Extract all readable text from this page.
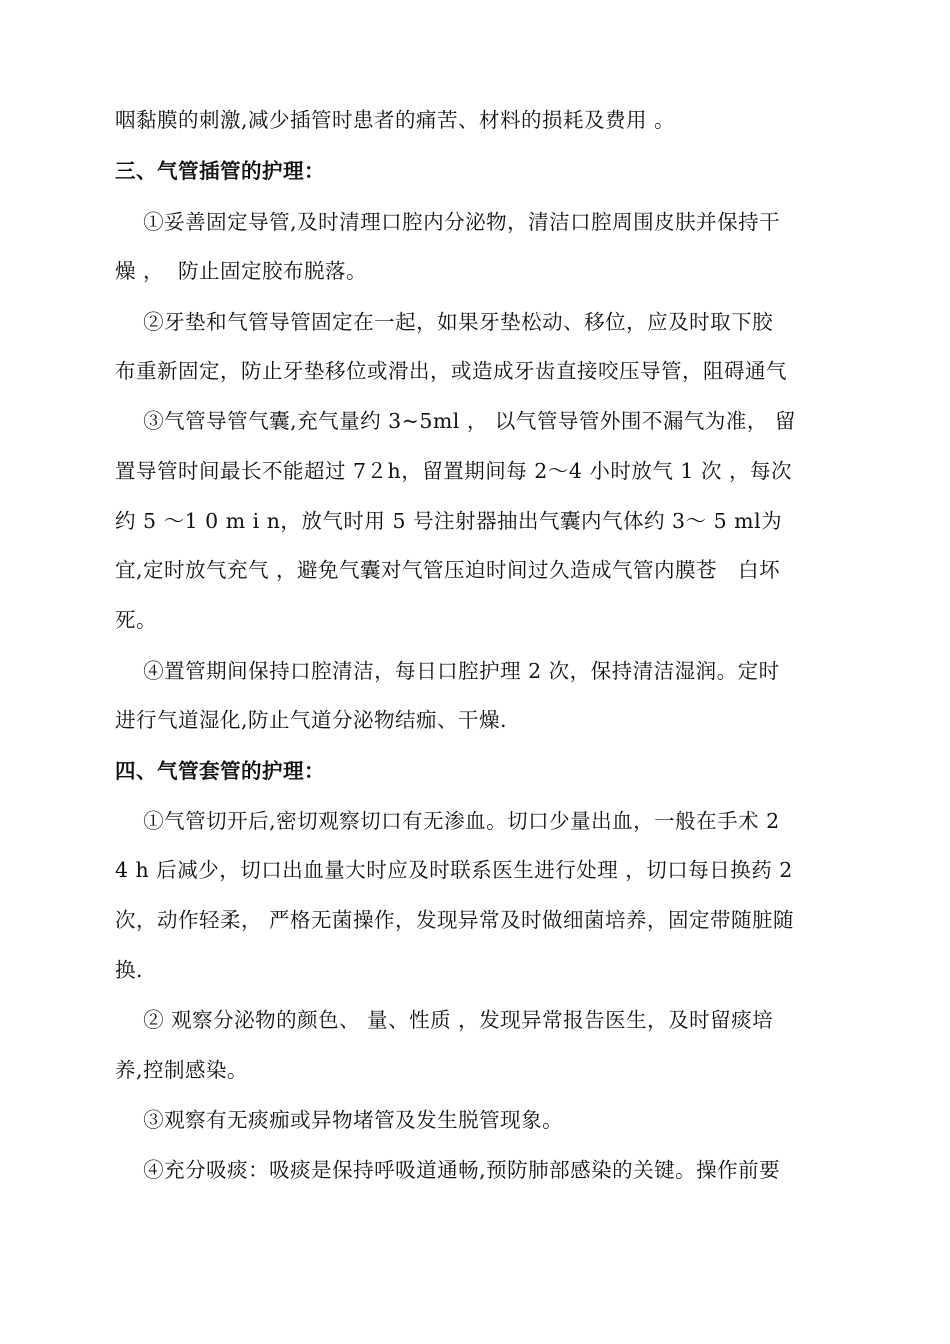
咽黏膜的刺激,减少插管时患者的痛苦、材料的损耗及费用 。
三、气管插管的护理：
①妥善固定导管,及时清理口腔内分泌物，清洁口腔周围皮肤并保持干
燥 ，  防止固定胶布脱落。
②牙垫和气管导管固定在一起，如果牙垫松动、移位，应及时取下胶
布重新固定，防止牙垫移位或滑出，或造成牙齿直接咬压导管，阻碍通气
③气管导管气囊,充气量约 3~5ml ， 以气管导管外围不漏气为准， 留
置导管时间最长不能超过 7２h，留置期间每 2～4 小时放气 1 次 ，每次
约 5 ～1 0 m i n，放气时用 5 号注射器抽出气囊内气体约 3～ 5 ml为
宜,定时放气充气 ，避免气囊对气管压迫时间过久造成气管内膜苍   白坏
死。
④置管期间保持口腔清洁，每日口腔护理 2 次，保持清洁湿润。定时
进行气道湿化,防止气道分泌物结痂、干燥.
四、气管套管的护理：
①气管切开后,密切观察切口有无渗血。切口少量出血，一般在手术 2
4 h 后减少，切口出血量大时应及时联系医生进行处理 ，切口每日换药 2
次，动作轻柔， 严格无菌操作，发现异常及时做细菌培养，固定带随脏随
换.
② 观察分泌物的颜色、 量、性质 ，发现异常报告医生，及时留痰培
养,控制感染。
③观察有无痰痂或异物堵管及发生脱管现象。
④充分吸痰：吸痰是保持呼吸道通畅,预防肺部感染的关键。操作前要
